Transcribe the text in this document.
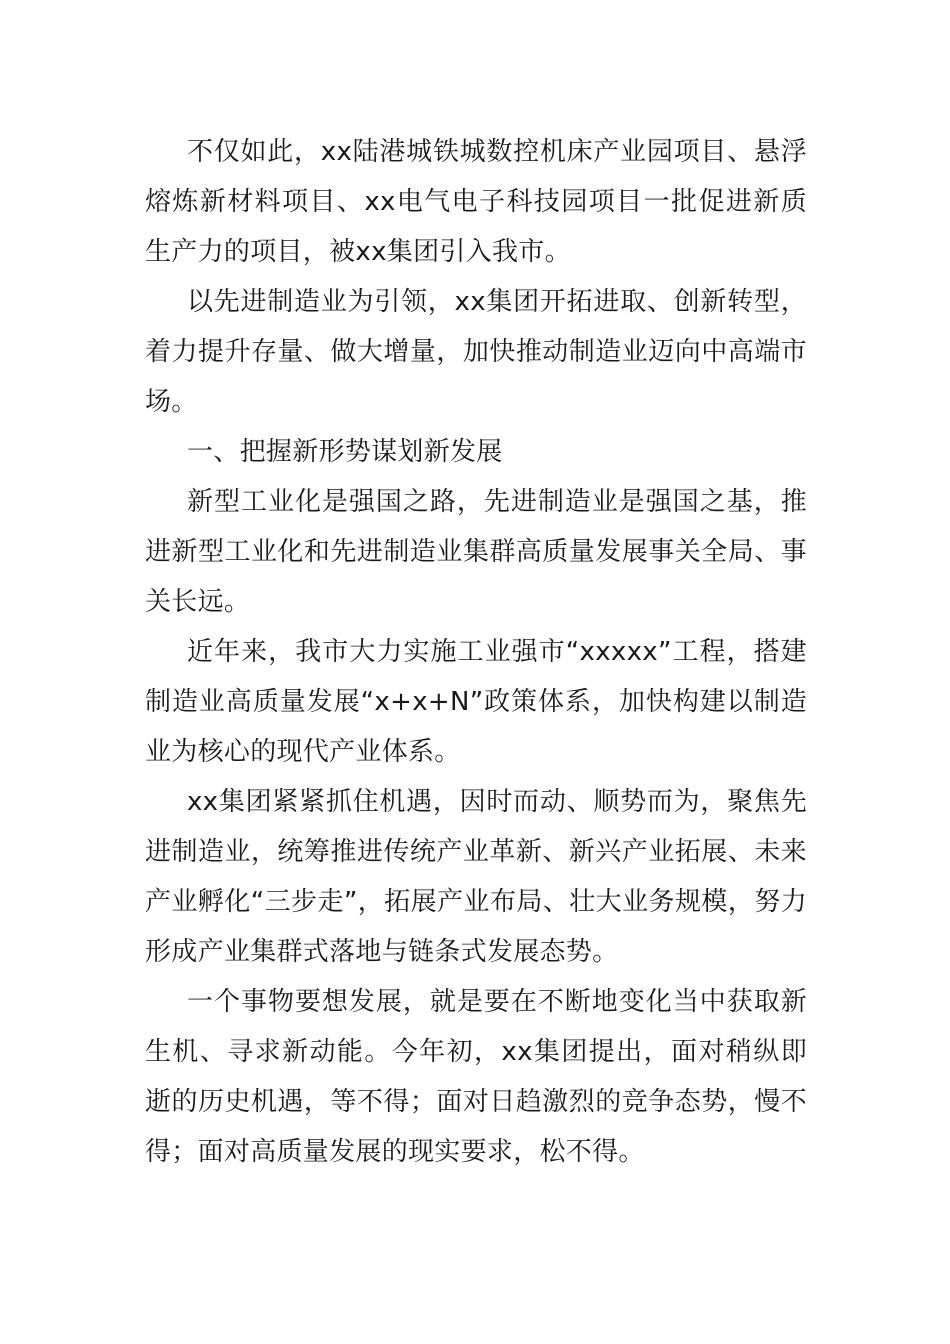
不仅如此，xx陆港城铁城数控机床产业园项目、悬浮熔炼新材料项目、xx电气电子科技园项目一批促进新质生产力的项目，被xx集团引入我市。

以先进制造业为引领，xx集团开拓进取、创新转型，着力提升存量、做大增量，加快推动制造业迈向中高端市场。

一、把握新形势谋划新发展

新型工业化是强国之路，先进制造业是强国之基，推进新型工业化和先进制造业集群高质量发展事关全局、事关长远。

近年来，我市大力实施工业强市“xxxxx”工程，搭建制造业高质量发展“x+x+N”政策体系，加快构建以制造业为核心的现代产业体系。

xx集团紧紧抓住机遇，因时而动、顺势而为，聚焦先进制造业，统筹推进传统产业革新、新兴产业拓展、未来产业孵化“三步走”，拓展产业布局、壮大业务规模，努力形成产业集群式落地与链条式发展态势。

一个事物要想发展，就是要在不断地变化当中获取新生机、寻求新动能。今年初，xx集团提出，面对稍纵即逝的历史机遇，等不得；面对日趋激烈的竞争态势，慢不得；面对高质量发展的现实要求，松不得。
